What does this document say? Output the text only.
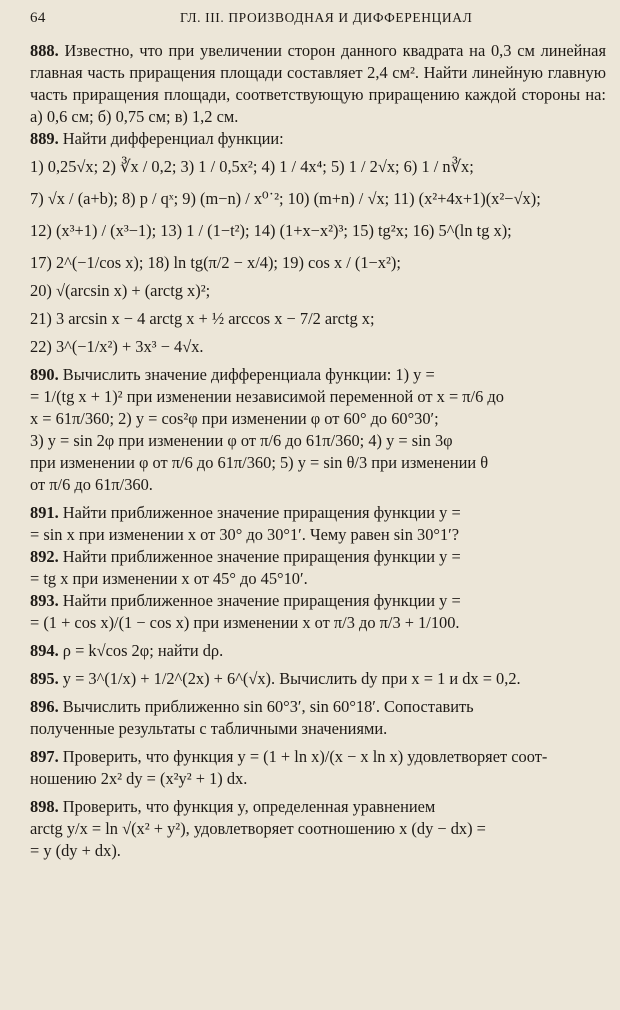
64	ГЛ. III. ПРОИЗВОДНАЯ И ДИФФЕРЕНЦИАЛ

888. Известно, что при увеличении сторон данного квадрата на 0,3 см линейная главная часть приращения площади составляет 2,4 см². Найти линейную главную часть приращения площади, соответствующую приращению каждой стороны на: а) 0,6 см; б) 0,75 см; в) 1,2 см.

889. Найти дифференциал функции:

1) 0,25√x; 2) ∛x / 0,2; 3) 1 / 0,5x²; 4) 1 / 4x⁴; 5) 1 / 2√x; 6) 1 / n∛x;
7) √x / (a+b); 8) p / qˣ; 9) (m−n) / x⁰˙²; 10) (m+n) / √x; 11) (x²+4x+1)(x²−√x);
12) (x³+1) / (x³−1); 13) 1 / (1−t²); 14) (1+x−x²)³; 15) tg²x; 16) 5^(ln tg x);
17) 2^(−1/cos x); 18) ln tg(π/2 − x/4); 19) cos x / (1−x²);
20) √(arcsin x) + (arctg x)²;
21) 3 arcsin x − 4 arctg x + ½ arccos x − 7/2 arctg x;
22) 3^(−1/x²) + 3x³ − 4√x.
890. Вычислить значение дифференциала функции: 1) y =
= 1/(tg x + 1)² при изменении независимой переменной от x = π/6 до
x = 61π/360; 2) y = cos²φ при изменении φ от 60° до 60°30′;
3) y = sin 2φ при изменении φ от π/6 до 61π/360; 4) y = sin 3φ
при изменении φ от π/6 до 61π/360; 5) y = sin θ/3 при изменении θ
от π/6 до 61π/360.
891. Найти приближенное значение приращения функции y =
= sin x при изменении x от 30° до 30°1′. Чему равен sin 30°1′?
892. Найти приближенное значение приращения функции y =
= tg x при изменении x от 45° до 45°10′.
893. Найти приближенное значение приращения функции y =
= (1 + cos x)/(1 − cos x) при изменении x от π/3 до π/3 + 1/100.
894. ρ = k√cos 2φ; найти dρ.
895. y = 3^(1/x) + 1/2^(2x) + 6^(√x). Вычислить dy при x = 1 и dx = 0,2.
896. Вычислить приближенно sin 60°3′, sin 60°18′. Сопоставить
полученные результаты с табличными значениями.
897. Проверить, что функция y = (1 + ln x)/(x − x ln x) удовлетворяет соот-
ношению 2x² dy = (x²y² + 1) dx.
898. Проверить, что функция y, определенная уравнением
arctg y/x = ln √(x² + y²), удовлетворяет соотношению x (dy − dx) =
= y (dy + dx).
